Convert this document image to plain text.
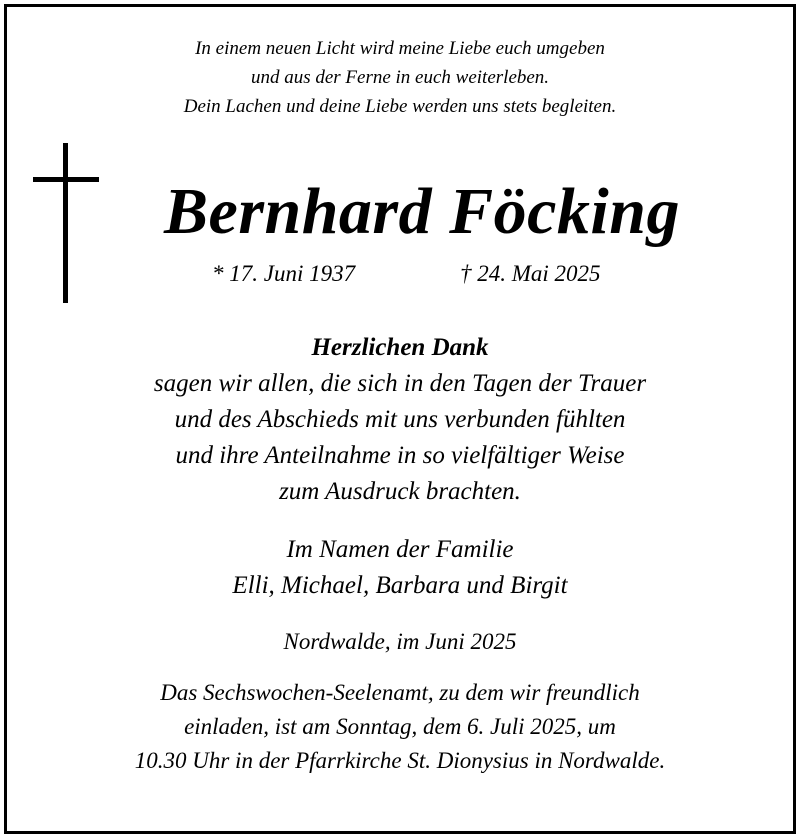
In einem neuen Licht wird meine Liebe euch umgeben
und aus der Ferne in euch weiterleben.
Dein Lachen und deine Liebe werden uns stets begleiten.
Bernhard Föcking
* 17. Juni 1937	† 24. Mai 2025
Herzlichen Dank
sagen wir allen, die sich in den Tagen der Trauer
und des Abschieds mit uns verbunden fühlten
und ihre Anteilnahme in so vielfältiger Weise
zum Ausdruck brachten.
Im Namen der Familie
Elli, Michael, Barbara und Birgit
Nordwalde, im Juni 2025
Das Sechswochen-Seelenamt, zu dem wir freundlich
einladen, ist am Sonntag, dem 6. Juli 2025, um
10.30 Uhr in der Pfarrkirche St. Dionysius in Nordwalde.
